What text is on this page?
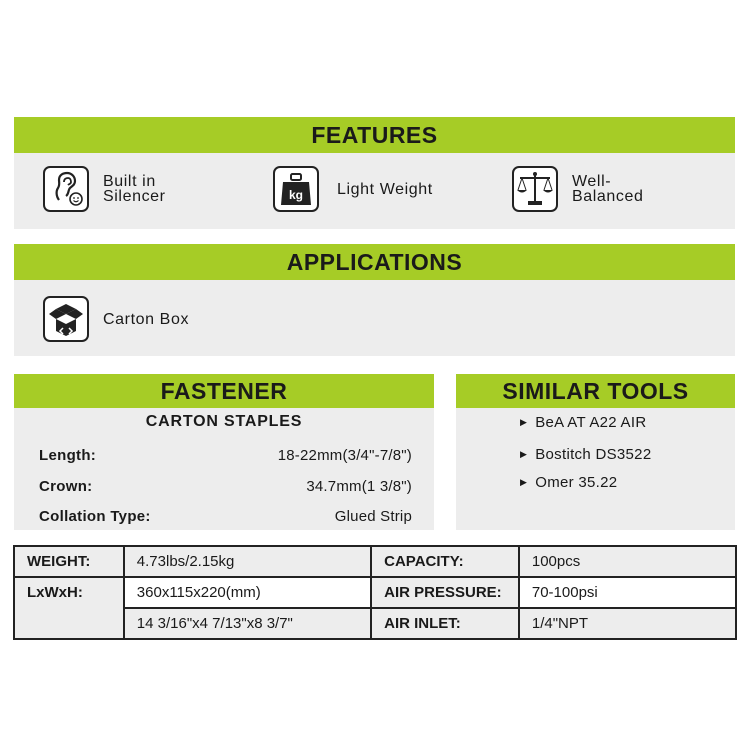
FEATURES
Built in
Silencer	kg Light Weight	Well-
Balanced
APPLICATIONS
Carton Box
FASTENER
CARTON STAPLES
Length:	18-22mm(3/4"-7/8")
Crown:	34.7mm(1 3/8")
Collation Type:	Glued Strip
SIMILAR TOOLS
▶ BeA AT A22 AIR
▶ Bostitch DS3522
▶ Omer 35.22
WEIGHT:	4.73lbs/2.15kg	CAPACITY:	100pcs
LxWxH:	360x115x220(mm)	AIR PRESSURE:	70-100psi
	14 3/16"x4 7/13"x8 3/7"	AIR INLET:	1/4"NPT
